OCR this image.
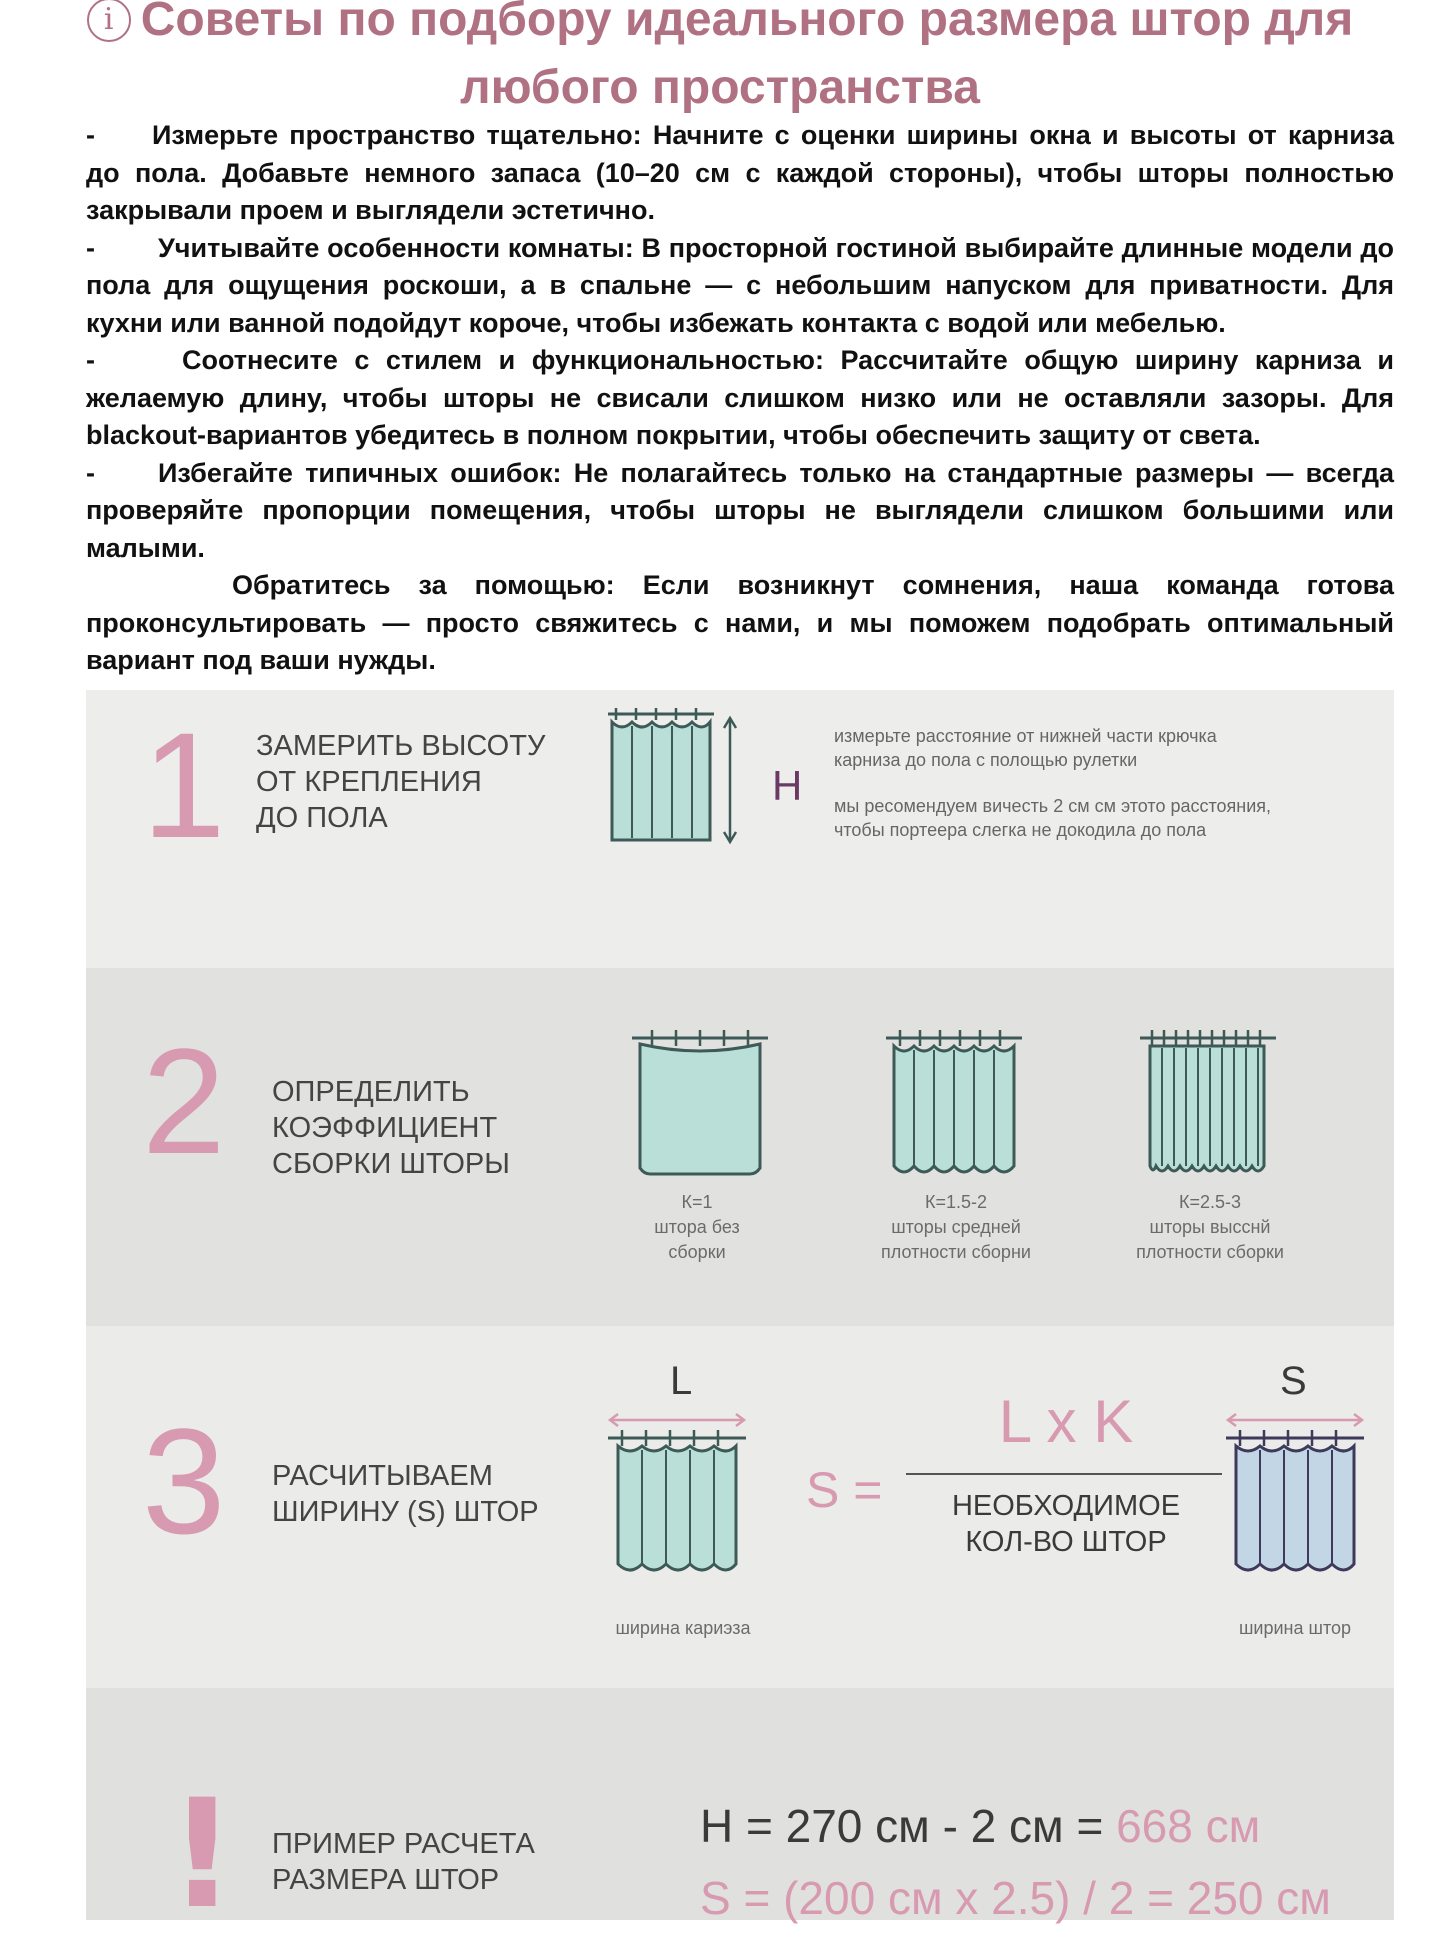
i Советы по подбору идеального размера штор для
любого пространства

- Измерьте пространство тщательно: Начните с оценки ширины окна и высоты от карниза до пола. Добавьте немного запаса (10–20 см с каждой стороны), чтобы шторы полностью закрывали проем и выглядели эстетично.

- Учитывайте особенности комнаты: В просторной гостиной выбирайте длинные модели до пола для ощущения роскоши, а в спальне — с небольшим напуском для приватности. Для кухни или ванной подойдут короче, чтобы избежать контакта с водой или мебелью.

-	Соотнесите с стилем и функциональностью: Рассчитайте общую ширину карниза и желаемую длину, чтобы шторы не свисали слишком низко или не оставляли зазоры. Для blackout-вариантов убедитесь в полном покрытии, чтобы обеспечить защиту от света.

- Избегайте типичных ошибок: Не полагайтесь только на стандартные размеры — всегда проверяйте пропорции помещения, чтобы шторы не выглядели слишком большими или малыми.

Обратитесь за помощью: Если возникнут сомнения, наша команда готова проконсультировать — просто свяжитесь с нами, и мы поможем подобрать оптимальный вариант под ваши нужды.

1 ЗАМЕРИТЬ ВЫСОТУ
ОТ КРЕПЛЕНИЯ
ДО ПОЛА
H
измерьте расстояние от нижней части крючка
карниза до пола с полощью рулетки
мы ресомендуем вичесть 2 см см этото расстояния,
чтобы портеера слегка не докодила до пола
2 ОПРЕДЕЛИТЬ
КОЭФФИЦИЕНТ
СБОРКИ ШТОРЫ
К=1
штора без
сборки
К=1.5-2
шторы средней
плотности сборни
К=2.5-3
шторы высснй
плотности сборки
3 РАСЧИТЫВАЕМ
ШИРИНУ (S) ШТОР
L
ширина кариэза
S =
L x K
НЕОБХОДИМОЕ
КОЛ-ВО ШТОР
S
ширина штор
! ПРИМЕР РАСЧЕТА
РАЗМЕРА ШТОР
H = 270 см - 2 см = 668 см
S = (200 см x 2.5) / 2 = 250 см
